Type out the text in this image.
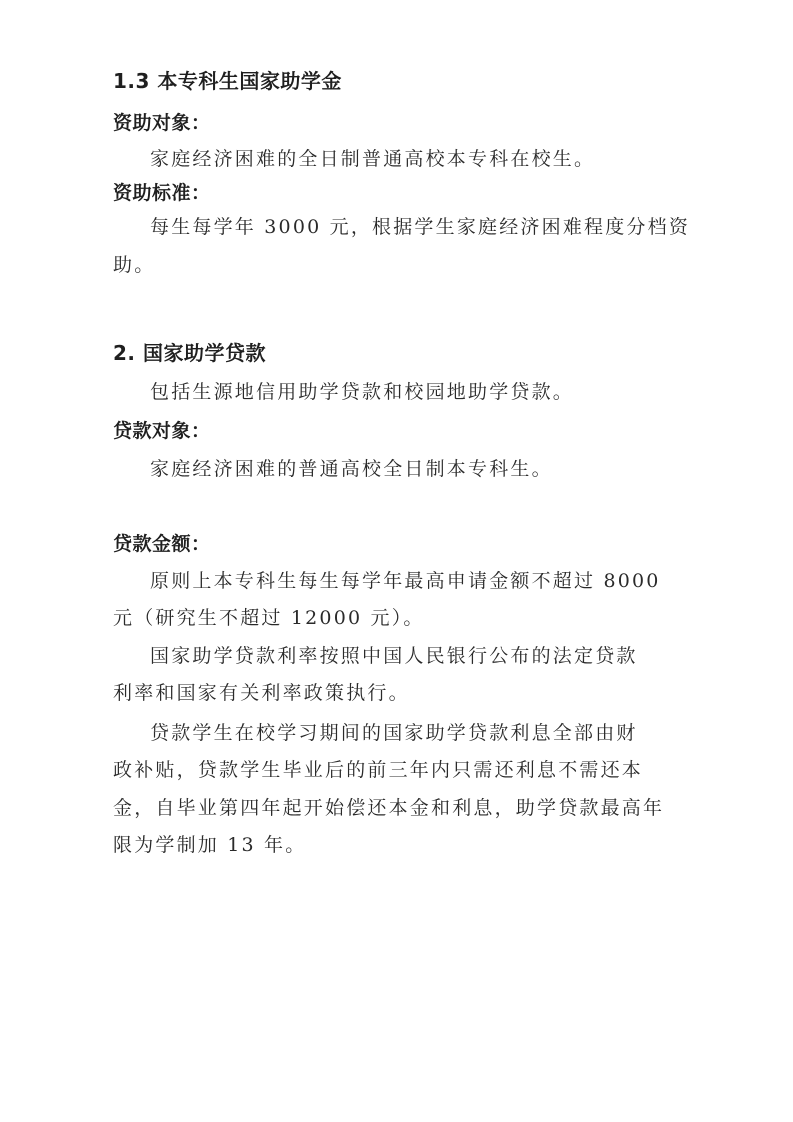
1.3 本专科生国家助学金
资助对象：
家庭经济困难的全日制普通高校本专科在校生。
资助标准：
每生每学年 3000 元，根据学生家庭经济困难程度分档资
助。
2. 国家助学贷款
包括生源地信用助学贷款和校园地助学贷款。
贷款对象：
家庭经济困难的普通高校全日制本专科生。
贷款金额：
原则上本专科生每生每学年最高申请金额不超过 8000
元（研究生不超过 12000 元）。
国家助学贷款利率按照中国人民银行公布的法定贷款
利率和国家有关利率政策执行。
贷款学生在校学习期间的国家助学贷款利息全部由财
政补贴，贷款学生毕业后的前三年内只需还利息不需还本
金，自毕业第四年起开始偿还本金和利息，助学贷款最高年
限为学制加 13 年。
